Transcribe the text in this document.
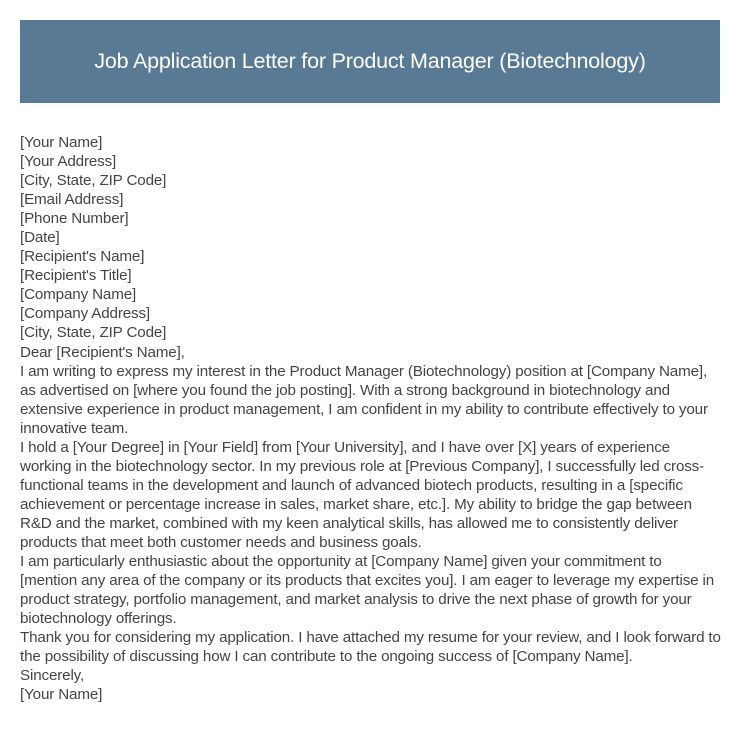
Job Application Letter for Product Manager (Biotechnology)
[Your Name]
[Your Address]
[City, State, ZIP Code]
[Email Address]
[Phone Number]
[Date]
[Recipient's Name]
[Recipient's Title]
[Company Name]
[Company Address]
[City, State, ZIP Code]

Dear [Recipient's Name],

I am writing to express my interest in the Product Manager (Biotechnology) position at [Company Name], as advertised on [where you found the job posting]. With a strong background in biotechnology and extensive experience in product management, I am confident in my ability to contribute effectively to your innovative team.

I hold a [Your Degree] in [Your Field] from [Your University], and I have over [X] years of experience working in the biotechnology sector. In my previous role at [Previous Company], I successfully led cross-functional teams in the development and launch of advanced biotech products, resulting in a [specific achievement or percentage increase in sales, market share, etc.]. My ability to bridge the gap between R&D and the market, combined with my keen analytical skills, has allowed me to consistently deliver products that meet both customer needs and business goals.

I am particularly enthusiastic about the opportunity at [Company Name] given your commitment to [mention any area of the company or its products that excites you]. I am eager to leverage my expertise in product strategy, portfolio management, and market analysis to drive the next phase of growth for your biotechnology offerings.

Thank you for considering my application. I have attached my resume for your review, and I look forward to the possibility of discussing how I can contribute to the ongoing success of [Company Name].

Sincerely,

[Your Name]
